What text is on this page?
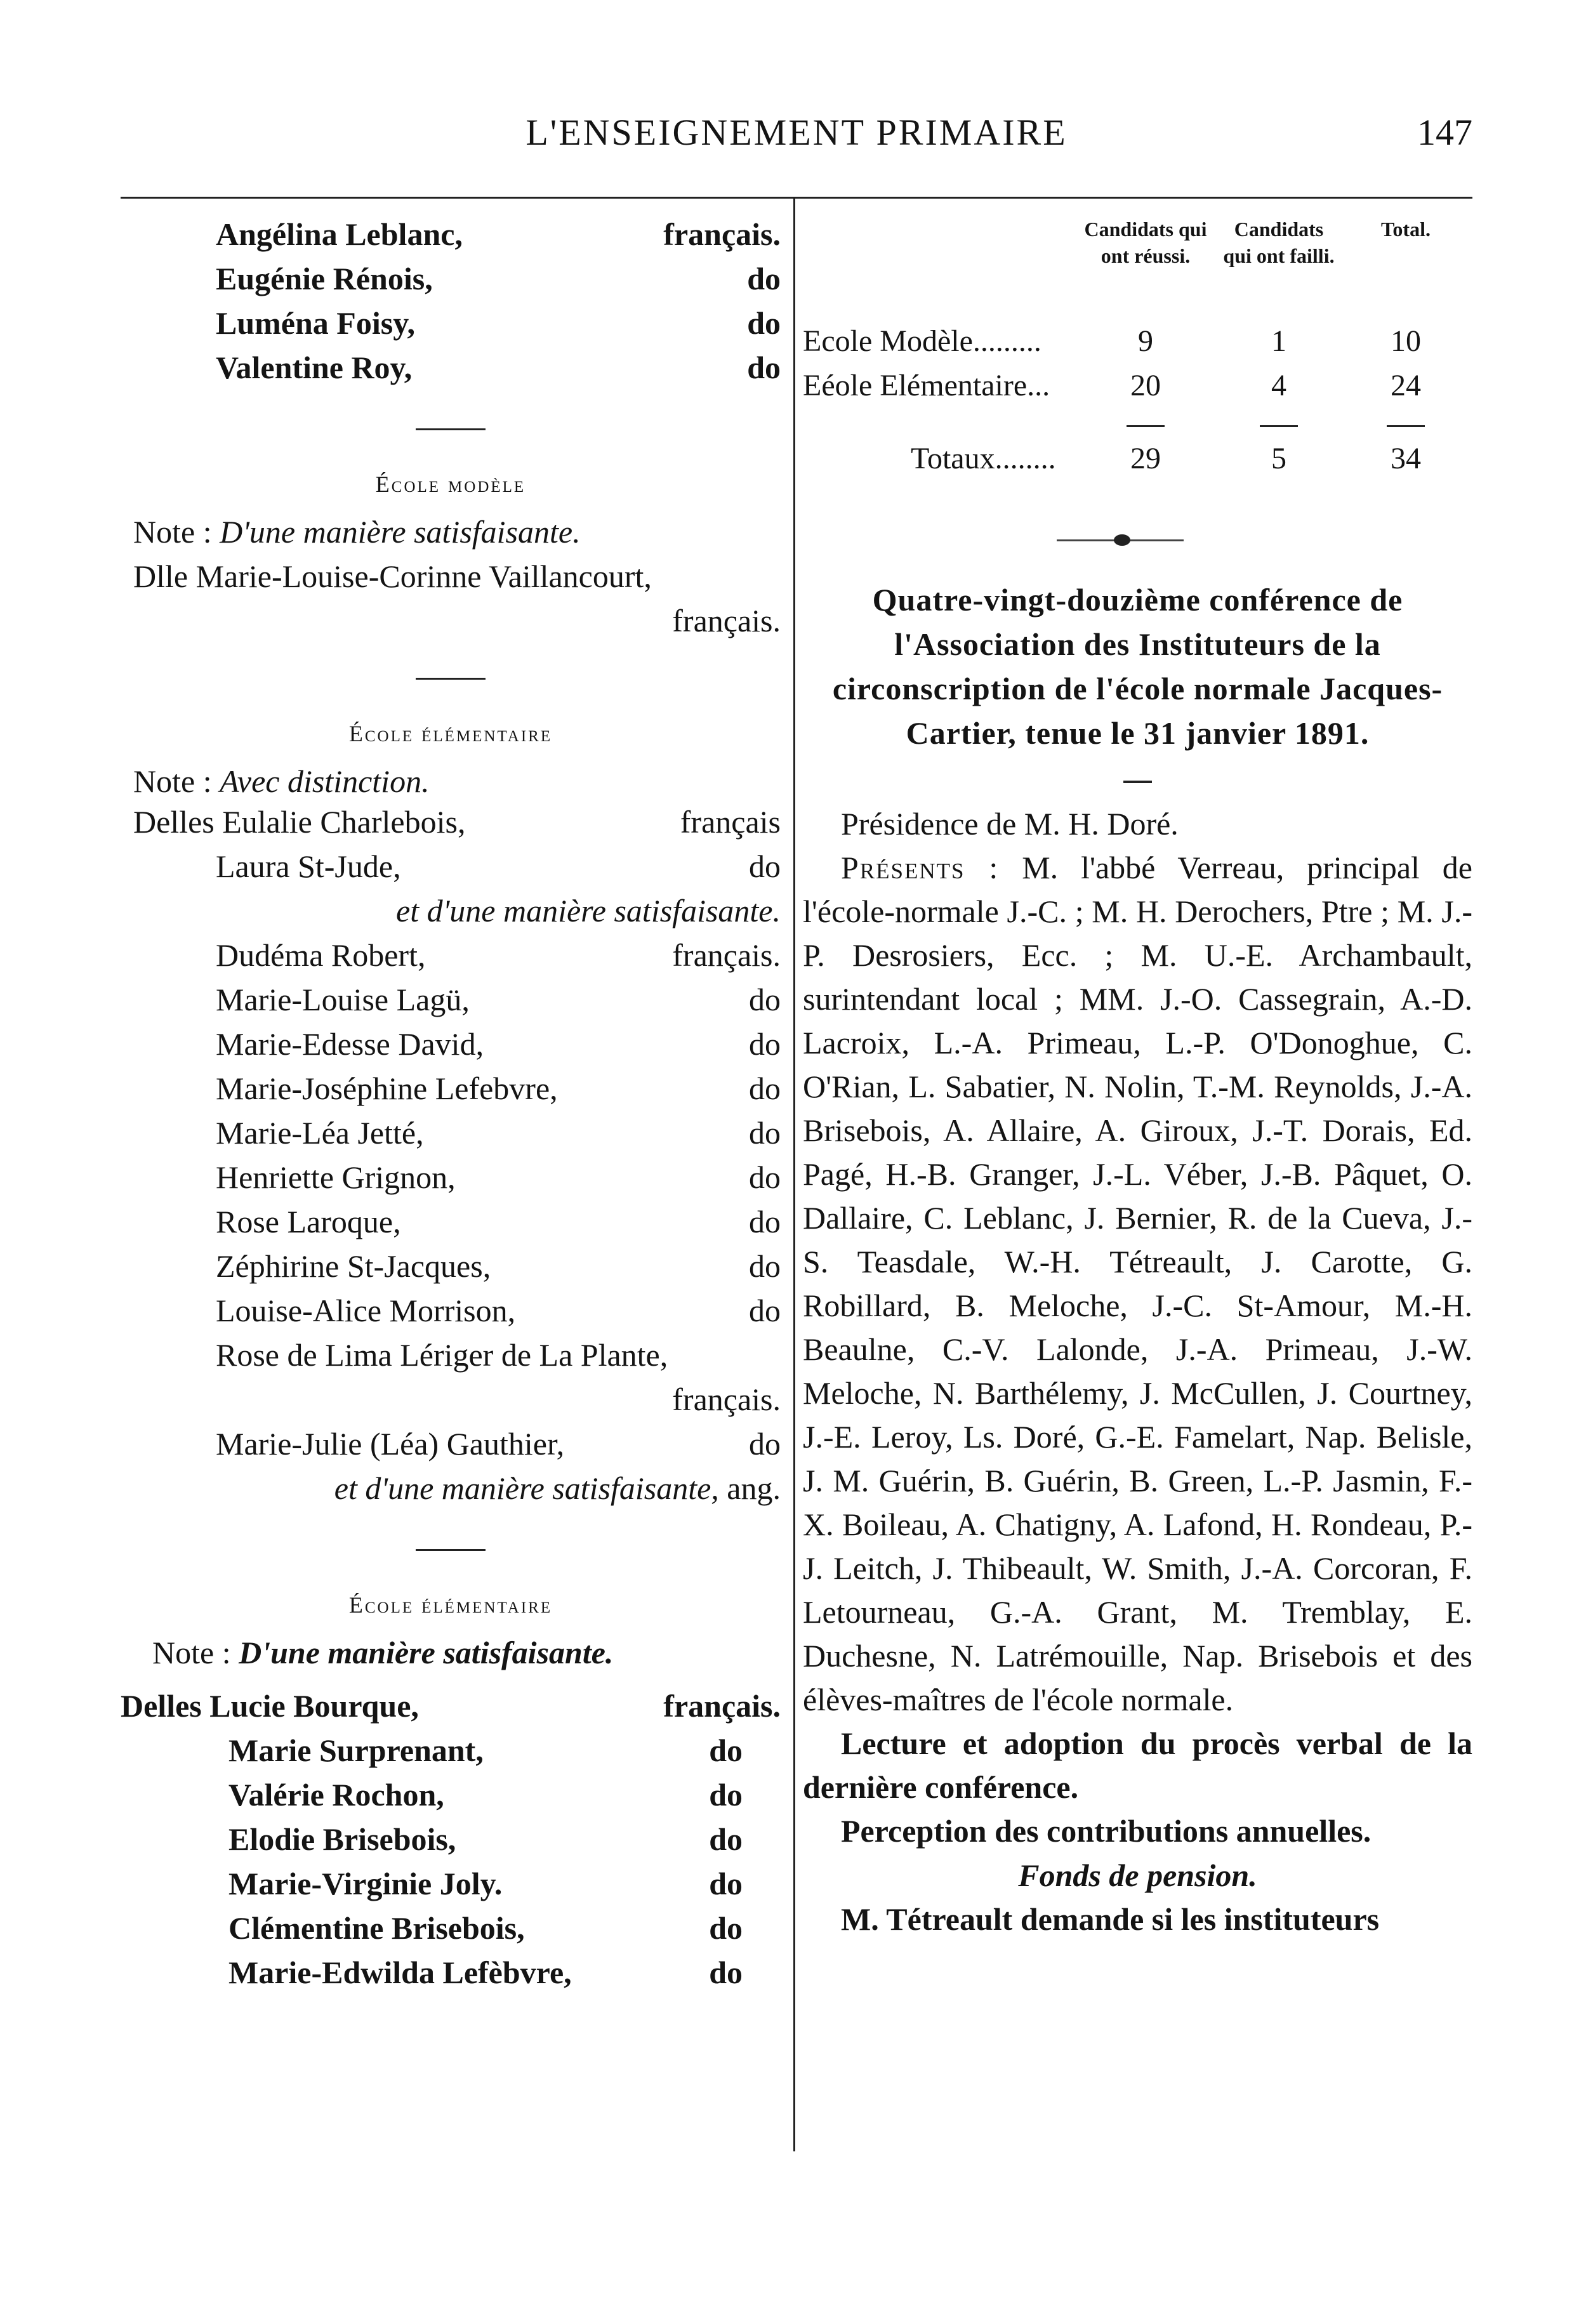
L'ENSEIGNEMENT PRIMAIRE	147
Angélina Leblanc,	français.
Eugénie Rénois,	do
Luména Foisy,	do
Valentine Roy,	do
École modèle
Note : D'une manière satisfaisante.
Dlle Marie-Louise-Corinne Vaillancourt,
français.
École élémentaire
Note : Avec distinction.
Delles Eulalie Charlebois,	français
Laura St-Jude,	do
et d'une manière satisfaisante.
Dudéma Robert,	français.
Marie-Louise Lagü,	do
Marie-Edesse David,	do
Marie-Joséphine Lefebvre,	do
Marie-Léa Jetté,	do
Henriette Grignon,	do
Rose Laroque,	do
Zéphirine St-Jacques,	do
Louise-Alice Morrison,	do
Rose de Lima Lériger de La Plante,
français.
Marie-Julie (Léa) Gauthier,	do
et d'une manière satisfaisante, ang.
École élémentaire
Note : D'une manière satisfaisante.
Delles Lucie Bourque,	français.
Marie Surprenant,	do
Valérie Rochon,	do
Elodie Brisebois,	do
Marie-Virginie Joly.	do
Clémentine Brisebois,	do
Marie-Edwilda Lefèbvre,	do
Candidats qui ont réussi.
Candidats qui ont failli.
Total.
Ecole Modèle.........	9	1	10
Eéole Elémentaire...	20	4	24
Totaux........	29	5	34
Quatre-vingt-douzième conférence de l'Association des Instituteurs de la circonscription de l'école normale Jacques-Cartier, tenue le 31 janvier 1891.

Présidence de M. H. Doré.

Présents : M. l'abbé Verreau, principal de l'école-normale J.-C. ; M. H. Derochers, Ptre ; M. J.-P. Desrosiers, Ecc. ; M. U.-E. Archambault, surintendant local ; MM. J.-O. Cassegrain, A.-D. Lacroix, L.-A. Primeau, L.-P. O'Donoghue, C. O'Rian, L. Sabatier, N. Nolin, T.-M. Reynolds, J.-A. Brisebois, A. Allaire, A. Giroux, J.-T. Dorais, Ed. Pagé, H.-B. Granger, J.-L. Véber, J.-B. Pâquet, O. Dallaire, C. Leblanc, J. Bernier, R. de la Cueva, J.-S. Teasdale, W.-H. Tétreault, J. Carotte, G. Robillard, B. Meloche, J.-C. St-Amour, M.-H. Beaulne, C.-V. Lalonde, J.-A. Primeau, J.-W. Meloche, N. Barthélemy, J. McCullen, J. Courtney, J.-E. Leroy, Ls. Doré, G.-E. Famelart, Nap. Belisle, J. M. Guérin, B. Guérin, B. Green, L.-P. Jasmin, F.-X. Boileau, A. Chatigny, A. Lafond, H. Rondeau, P.-J. Leitch, J. Thibeault, W. Smith, J.-A. Corcoran, F. Letourneau, G.-A. Grant, M. Tremblay, E. Duchesne, N. Latrémouille, Nap. Brisebois et des élèves-maîtres de l'école normale.

Lecture et adoption du procès verbal de la dernière conférence.

Perception des contributions annuelles.

Fonds de pension.

M. Tétreault demande si les instituteurs
